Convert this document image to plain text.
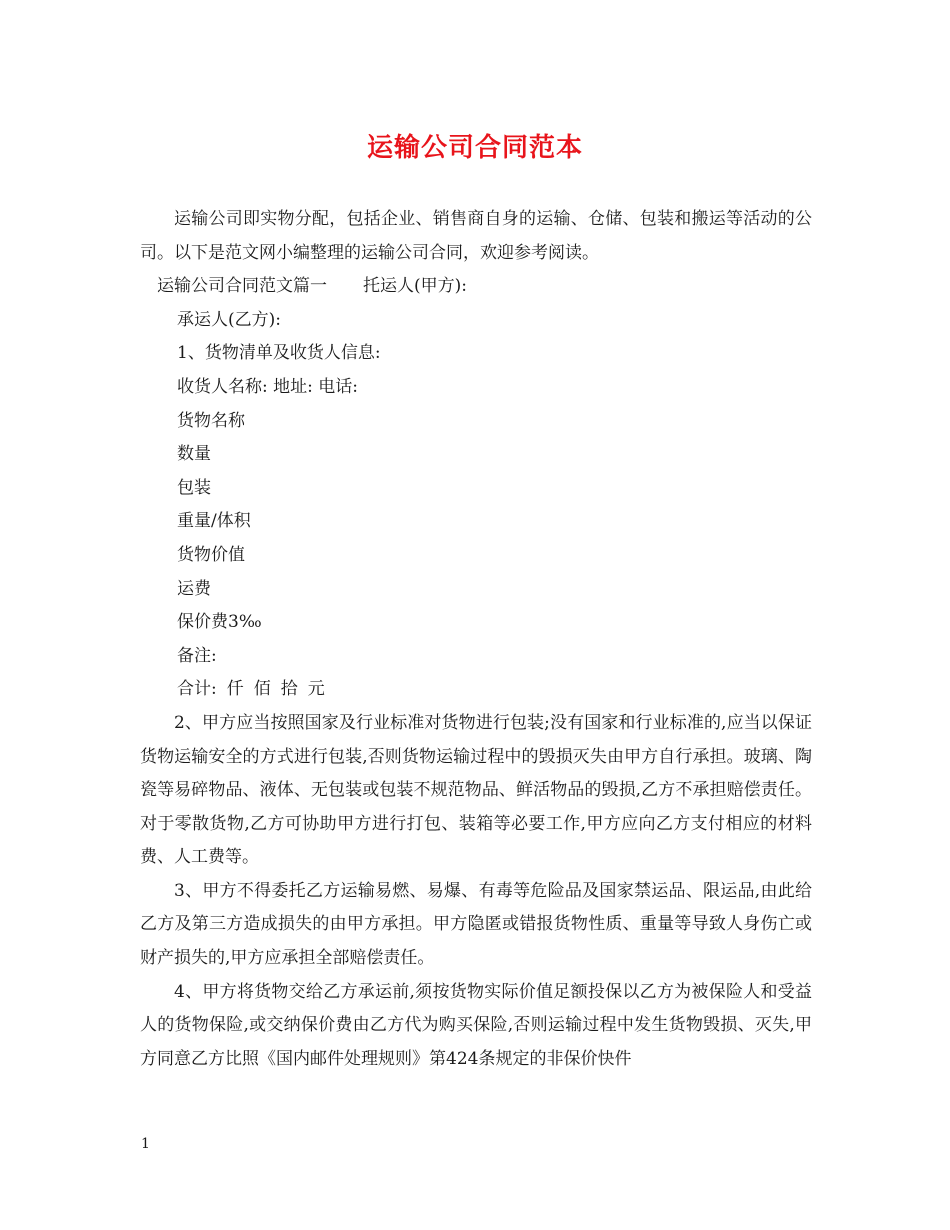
运输公司合同范本

运输公司即实物分配，包括企业、销售商自身的运输、仓储、包装和搬运等活动的公司。以下是范文网小编整理的运输公司合同，欢迎参考阅读。

运输公司合同范文篇一 托运人(甲方):

承运人(乙方):

1、货物清单及收货人信息:

收货人名称: 地址: 电话:

货物名称

数量

包装

重量/体积

货物价值

运费

保价费3‰

备注:

合计: 仟 佰 拾 元

2、甲方应当按照国家及行业标准对货物进行包装;没有国家和行业标准的,应当以保证货物运输安全的方式进行包装,否则货物运输过程中的毁损灭失由甲方自行承担。玻璃、陶瓷等易碎物品、液体、无包装或包装不规范物品、鲜活物品的毁损,乙方不承担赔偿责任。对于零散货物,乙方可协助甲方进行打包、装箱等必要工作,甲方应向乙方支付相应的材料费、人工费等。

3、甲方不得委托乙方运输易燃、易爆、有毒等危险品及国家禁运品、限运品,由此给乙方及第三方造成损失的由甲方承担。甲方隐匿或错报货物性质、重量等导致人身伤亡或财产损失的,甲方应承担全部赔偿责任。

4、甲方将货物交给乙方承运前,须按货物实际价值足额投保以乙方为被保险人和受益人的货物保险,或交纳保价费由乙方代为购买保险,否则运输过程中发生货物毁损、灭失,甲方同意乙方比照《国内邮件处理规则》第424条规定的非保价快件

1
